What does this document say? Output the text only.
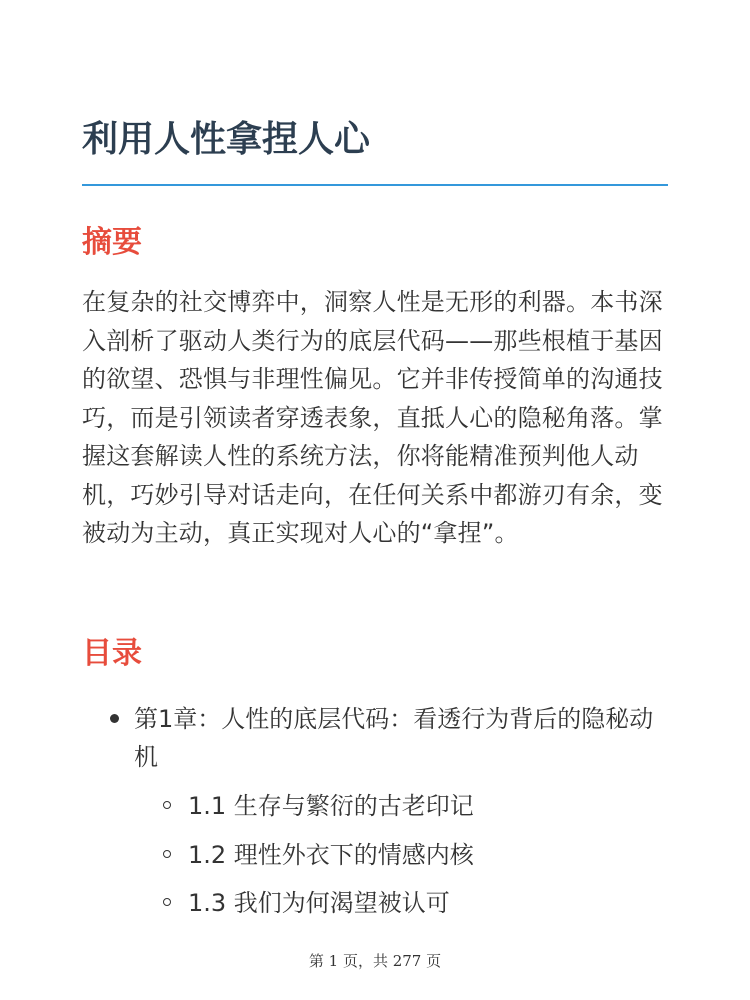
利用人性拿捏人心
摘要

在复杂的社交博弈中，洞察人性是无形的利器。本书深入剖析了驱动人类行为的底层代码——那些根植于基因的欲望、恐惧与非理性偏见。它并非传授简单的沟通技巧，而是引领读者穿透表象，直抵人心的隐秘角落。掌握这套解读人性的系统方法，你将能精准预判他人动机，巧妙引导对话走向，在任何关系中都游刃有余，变被动为主动，真正实现对人心的“拿捏”。

目录
第1章：人性的底层代码：看透行为背后的隐秘动机
1.1 生存与繁衍的古老印记
1.2 理性外衣下的情感内核
1.3 我们为何渴望被认可
第 1 页，共 277 页
